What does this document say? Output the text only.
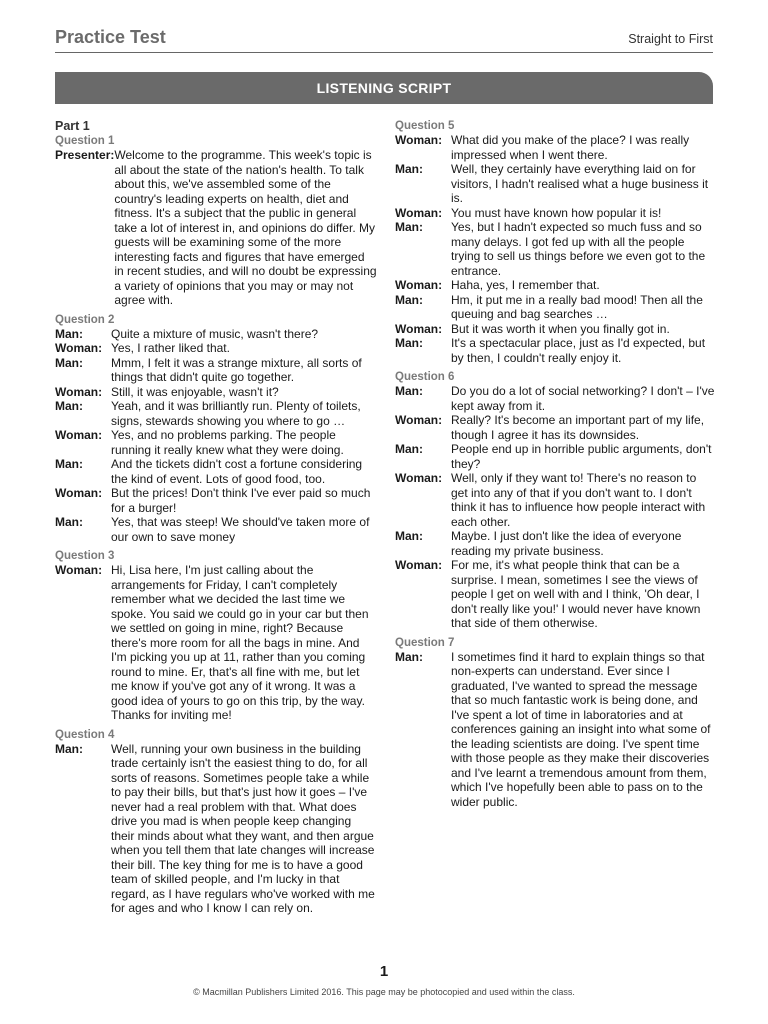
Practice Test	Straight to First
LISTENING SCRIPT
Part 1
Question 1
Presenter: Welcome to the programme. This week's topic is all about the state of the nation's health. To talk about this, we've assembled some of the country's leading experts on health, diet and fitness. It's a subject that the public in general take a lot of interest in, and opinions do differ. My guests will be examining some of the more interesting facts and figures that have emerged in recent studies, and will no doubt be expressing a variety of opinions that you may or may not agree with.
Question 2
Man:	Quite a mixture of music, wasn't there?
Woman: Yes, I rather liked that.
Man:	Mmm, I felt it was a strange mixture, all sorts of things that didn't quite go together.
Woman: Still, it was enjoyable, wasn't it?
Man:	Yeah, and it was brilliantly run. Plenty of toilets, signs, stewards showing you where to go …
Woman: Yes, and no problems parking. The people running it really knew what they were doing.
Man:	And the tickets didn't cost a fortune considering the kind of event. Lots of good food, too.
Woman: But the prices! Don't think I've ever paid so much for a burger!
Man:	Yes, that was steep! We should've taken more of our own to save money
Question 3
Woman: Hi, Lisa here, I'm just calling about the arrangements for Friday, I can't completely remember what we decided the last time we spoke. You said we could go in your car but then we settled on going in mine, right? Because there's more room for all the bags in mine. And I'm picking you up at 11, rather than you coming round to mine. Er, that's all fine with me, but let me know if you've got any of it wrong. It was a good idea of yours to go on this trip, by the way. Thanks for inviting me!
Question 4
Man:	Well, running your own business in the building trade certainly isn't the easiest thing to do, for all sorts of reasons. Sometimes people take a while to pay their bills, but that's just how it goes – I've never had a real problem with that. What does drive you mad is when people keep changing their minds about what they want, and then argue when you tell them that late changes will increase their bill. The key thing for me is to have a good team of skilled people, and I'm lucky in that regard, as I have regulars who've worked with me for ages and who I know I can rely on.
Question 5
Woman: What did you make of the place? I was really impressed when I went there.
Man:	Well, they certainly have everything laid on for visitors, I hadn't realised what a huge business it is.
Woman: You must have known how popular it is!
Man:	Yes, but I hadn't expected so much fuss and so many delays. I got fed up with all the people trying to sell us things before we even got to the entrance.
Woman: Haha, yes, I remember that.
Man:	Hm, it put me in a really bad mood! Then all the queuing and bag searches …
Woman: But it was worth it when you finally got in.
Man:	It's a spectacular place, just as I'd expected, but by then, I couldn't really enjoy it.
Question 6
Man:	Do you do a lot of social networking? I don't – I've kept away from it.
Woman: Really? It's become an important part of my life, though I agree it has its downsides.
Man:	People end up in horrible public arguments, don't they?
Woman: Well, only if they want to! There's no reason to get into any of that if you don't want to. I don't think it has to influence how people interact with each other.
Man:	Maybe. I just don't like the idea of everyone reading my private business.
Woman: For me, it's what people think that can be a surprise. I mean, sometimes I see the views of people I get on well with and I think, 'Oh dear, I don't really like you!' I would never have known that side of them otherwise.
Question 7
Man:	I sometimes find it hard to explain things so that non-experts can understand. Ever since I graduated, I've wanted to spread the message that so much fantastic work is being done, and I've spent a lot of time in laboratories and at conferences gaining an insight into what some of the leading scientists are doing. I've spent time with those people as they make their discoveries and I've learnt a tremendous amount from them, which I've hopefully been able to pass on to the wider public.
1
© Macmillan Publishers Limited 2016. This page may be photocopied and used within the class.
